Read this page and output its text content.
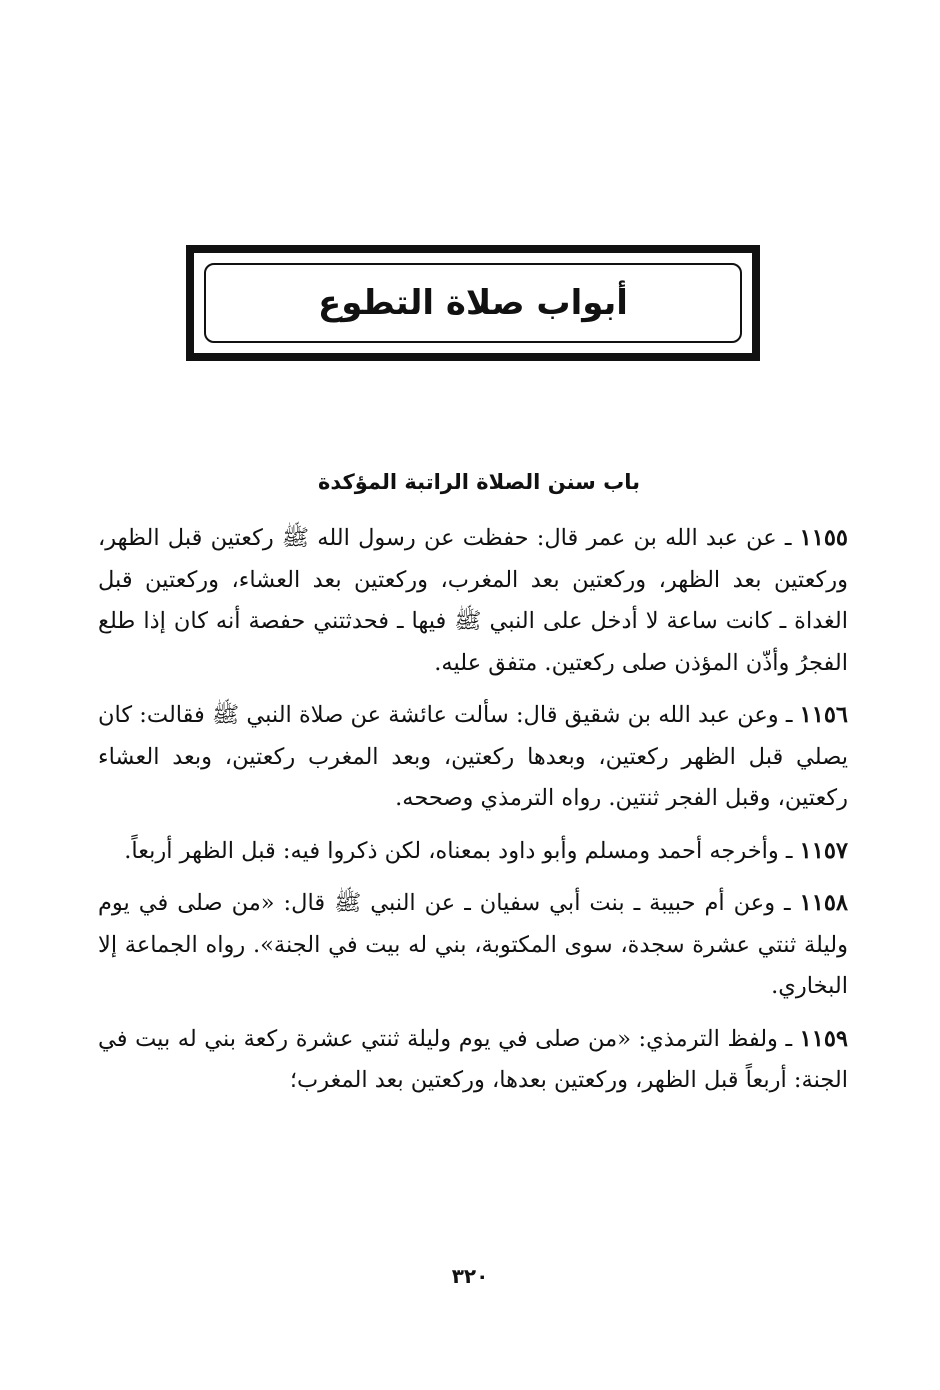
أبواب صلاة التطوع
باب سنن الصلاة الراتبة المؤكدة

١١٥٥ ـ عن عبد الله بن عمر قال: حفظت عن رسول الله ﷺ ركعتين قبل الظهر، وركعتين بعد الظهر، وركعتين بعد المغرب، وركعتين بعد العشاء، وركعتين قبل الغداة ـ كانت ساعة لا أدخل على النبي ﷺ فيها ـ فحدثتني حفصة أنه كان إذا طلع الفجرُ وأذّن المؤذن صلى ركعتين. متفق عليه.

١١٥٦ ـ وعن عبد الله بن شقيق قال: سألت عائشة عن صلاة النبي ﷺ فقالت: كان يصلي قبل الظهر ركعتين، وبعدها ركعتين، وبعد المغرب ركعتين، وبعد العشاء ركعتين، وقبل الفجر ثنتين. رواه الترمذي وصححه.

١١٥٧ ـ وأخرجه أحمد ومسلم وأبو داود بمعناه، لكن ذكروا فيه: قبل الظهر أربعاً.

١١٥٨ ـ وعن أم حبيبة ـ بنت أبي سفيان ـ عن النبي ﷺ قال: «من صلى في يوم وليلة ثنتي عشرة سجدة، سوى المكتوبة، بني له بيت في الجنة». رواه الجماعة إلا البخاري.

١١٥٩ ـ ولفظ الترمذي: «من صلى في يوم وليلة ثنتي عشرة ركعة بني له بيت في الجنة: أربعاً قبل الظهر، وركعتين بعدها، وركعتين بعد المغرب؛

٣٢٠
